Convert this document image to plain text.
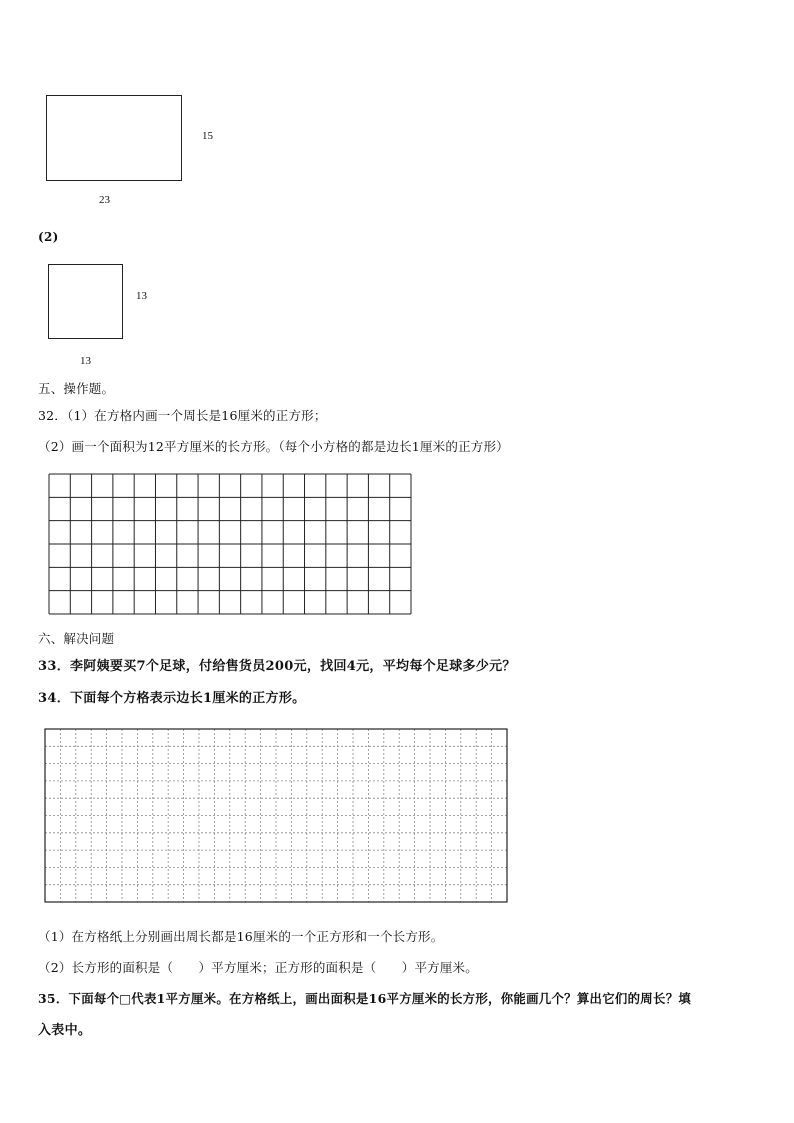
15
23
(2)
13
13
五、操作题。
32．（1）在方格内画一个周长是16厘米的正方形；
（2）画一个面积为12平方厘米的长方形。（每个小方格的都是边长1厘米的正方形）
六、解决问题
33．李阿姨要买7个足球，付给售货员200元，找回4元，平均每个足球多少元？
34．下面每个方格表示边长1厘米的正方形。
（1）在方格纸上分别画出周长都是16厘米的一个正方形和一个长方形。
（2）长方形的面积是（　　）平方厘米；正方形的面积是（　　）平方厘米。
35．下面每个□代表1平方厘米。在方格纸上，画出面积是16平方厘米的长方形，你能画几个？算出它们的周长？填
入表中。
